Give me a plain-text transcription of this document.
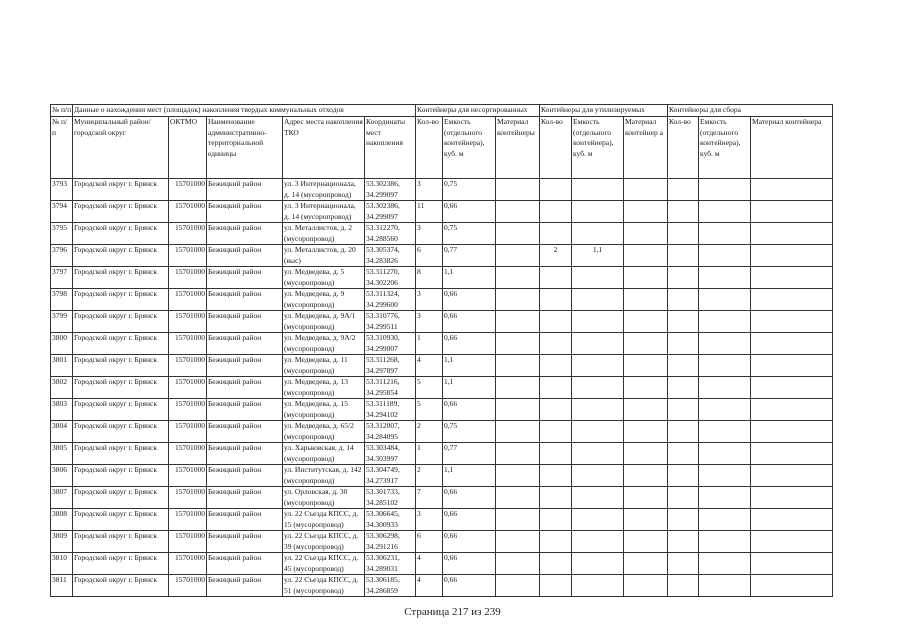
№ п/п	Данные о нахождении мест (площадок) накопления твердых коммунальных отходов					Контейнеры для несортированных			Контейнеры для утилизируемых			Контейнеры для сбора		
№ п/п	Муниципальный район/городской округ	ОКТМО	Наименование административно-территориальной единицы	Адрес места накопления ТКО	Координаты мест накопления	Кол-во	Емкость (отдельного контейнера), куб. м	Материал контейнеры	Кол-во	Емкость (отдельного контейнера), куб. м	Материал контейнер а	Кол-во	Емкость (отдельного контейнера), куб. м	Материал контейнера
3793	Городской округ г. Брянск	15701000	Бежицкий район	ул. 3 Интернационала, д. 14 (мусоропровод)	53.302386, 34.299097	3	0,75							
3794	Городской округ г. Брянск	15701000	Бежицкий район	ул. 3 Интернационала, д. 14 (мусоропровод)	53.302386, 34.299097	11	0,66							
3795	Городской округ г. Брянск	15701000	Бежицкий район	ул. Металлистов, д. 2 (мусоропровод)	53.312270, 34.288560	3	0,75							
3796	Городской округ г. Брянск	15701000	Бежицкий район	ул. Металлистов, д. 20 (выс)	53.305374, 34.283826	6	0,77		2	1,1				
3797	Городской округ г. Брянск	15701000	Бежицкий район	ул. Медведева, д. 5 (мусоропровод)	53.311270, 34.302206	8	1,1							
3798	Городской округ г. Брянск	15701000	Бежицкий район	ул. Медведева, д. 9 (мусоропровод)	53.311324, 34.299600	3	0,66							
3799	Городской округ г. Брянск	15701000	Бежицкий район	ул. Медведева, д. 9А/1 (мусоропровод)	53.310776, 34.299511	3	0,66							
3800	Городской округ г. Брянск	15701000	Бежицкий район	ул. Медведева, д. 9А/2 (мусоропровод)	53.310930, 34.299007	1	0,66							
3801	Городской округ г. Брянск	15701000	Бежицкий район	ул. Медведева, д. 11 (мусоропровод)	53.311268, 34.297897	4	1,1							
3802	Городской округ г. Брянск	15701000	Бежицкий район	ул. Медведева, д. 13 (мусоропровод)	53.311216, 34.295854	5	1,1							
3803	Городской округ г. Брянск	15701000	Бежицкий район	ул. Медведева, д. 15 (мусоропровод)	53.311189, 34.294102	5	0,66							
3804	Городской округ г. Брянск	15701000	Бежицкий район	ул. Медведева, д. 65/2 (мусоропровод)	53.312007, 34.284095	2	0,75							
3805	Городской округ г. Брянск	15701000	Бежицкий район	ул. Харьковская, д. 14 (мусоропровод)	53.303484, 34.303997	1	0,77							
3806	Городской округ г. Брянск	15701000	Бежицкий район	ул. Институтская, д. 142 (мусоропровод)	53.304749, 34.273917	2	1,1							
3807	Городской округ г. Брянск	15701000	Бежицкий район	ул. Орловская, д. 30 (мусоропровод)	53.301733, 34.285102	7	0,66							
3808	Городской округ г. Брянск	15701000	Бежицкий район	ул. 22 Съезда КПСС, д. 15 (мусоропровод)	53.306645, 34.300933	3	0,66							
3809	Городской округ г. Брянск	15701000	Бежицкий район	ул. 22 Съезда КПСС, д. 39 (мусоропровод)	53.306298, 34.291216	6	0,66							
3810	Городской округ г. Брянск	15701000	Бежицкий район	ул. 22 Съезда КПСС, д. 45 (мусоропровод)	53.306231, 34.289031	4	0,66							
3811	Городской округ г. Брянск	15701000	Бежицкий район	ул. 22 Съезда КПСС, д. 51 (мусоропровод)	53.306185, 34.286859	4	0,66							
Страница 217 из 239
